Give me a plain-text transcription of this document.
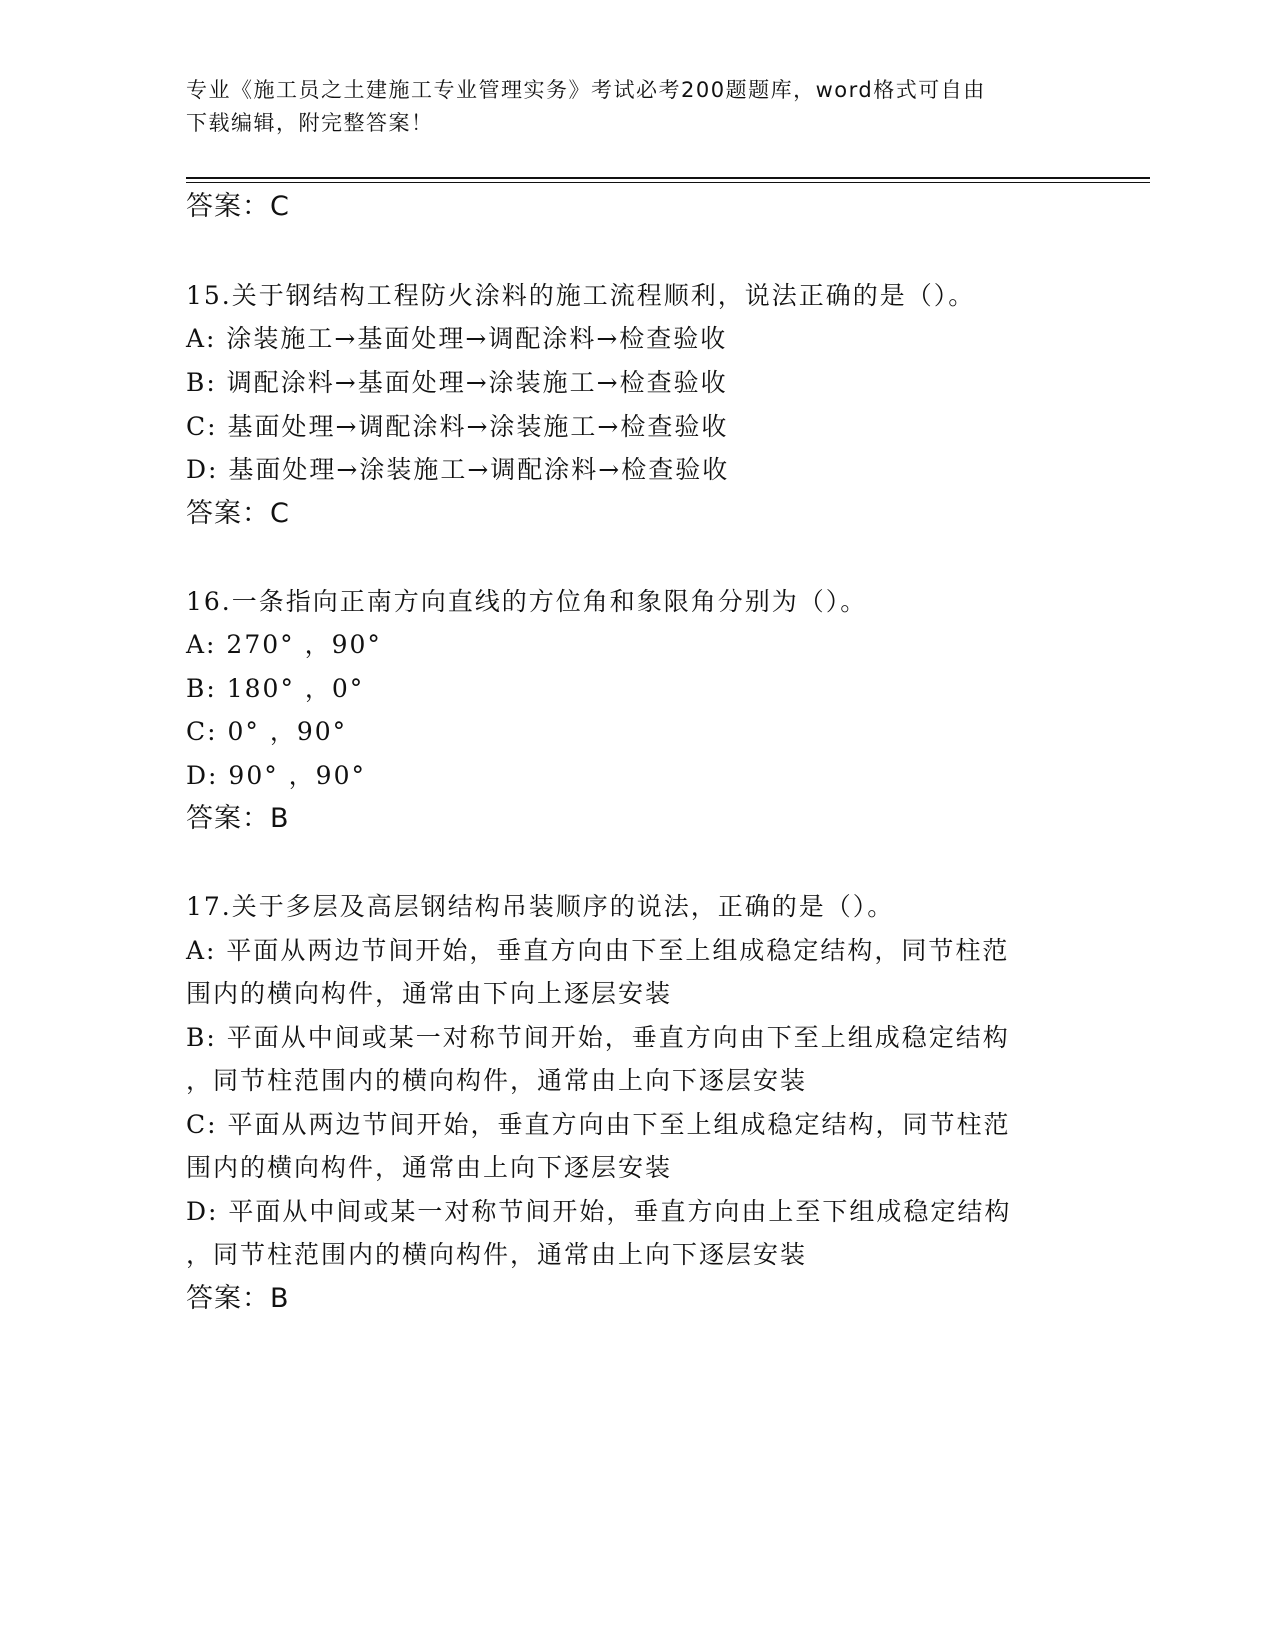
专业《施工员之土建施工专业管理实务》考试必考200题题库，word格式可自由
下载编辑，附完整答案！
答案：C
15.关于钢结构工程防火涂料的施工流程顺利，说法正确的是（）。
A: 涂装施工→基面处理→调配涂料→检查验收
B: 调配涂料→基面处理→涂装施工→检查验收
C: 基面处理→调配涂料→涂装施工→检查验收
D: 基面处理→涂装施工→调配涂料→检查验收
答案：C
16.一条指向正南方向直线的方位角和象限角分别为（）。
A: 270° ，90°
B: 180° ，0°
C: 0° ，90°
D: 90° ，90°
答案：B
17.关于多层及高层钢结构吊装顺序的说法，正确的是（）。
A: 平面从两边节间开始，垂直方向由下至上组成稳定结构，同节柱范
围内的横向构件，通常由下向上逐层安装
B: 平面从中间或某一对称节间开始，垂直方向由下至上组成稳定结构
，同节柱范围内的横向构件，通常由上向下逐层安装
C: 平面从两边节间开始，垂直方向由下至上组成稳定结构，同节柱范
围内的横向构件，通常由上向下逐层安装
D: 平面从中间或某一对称节间开始，垂直方向由上至下组成稳定结构
，同节柱范围内的横向构件，通常由上向下逐层安装
答案：B
